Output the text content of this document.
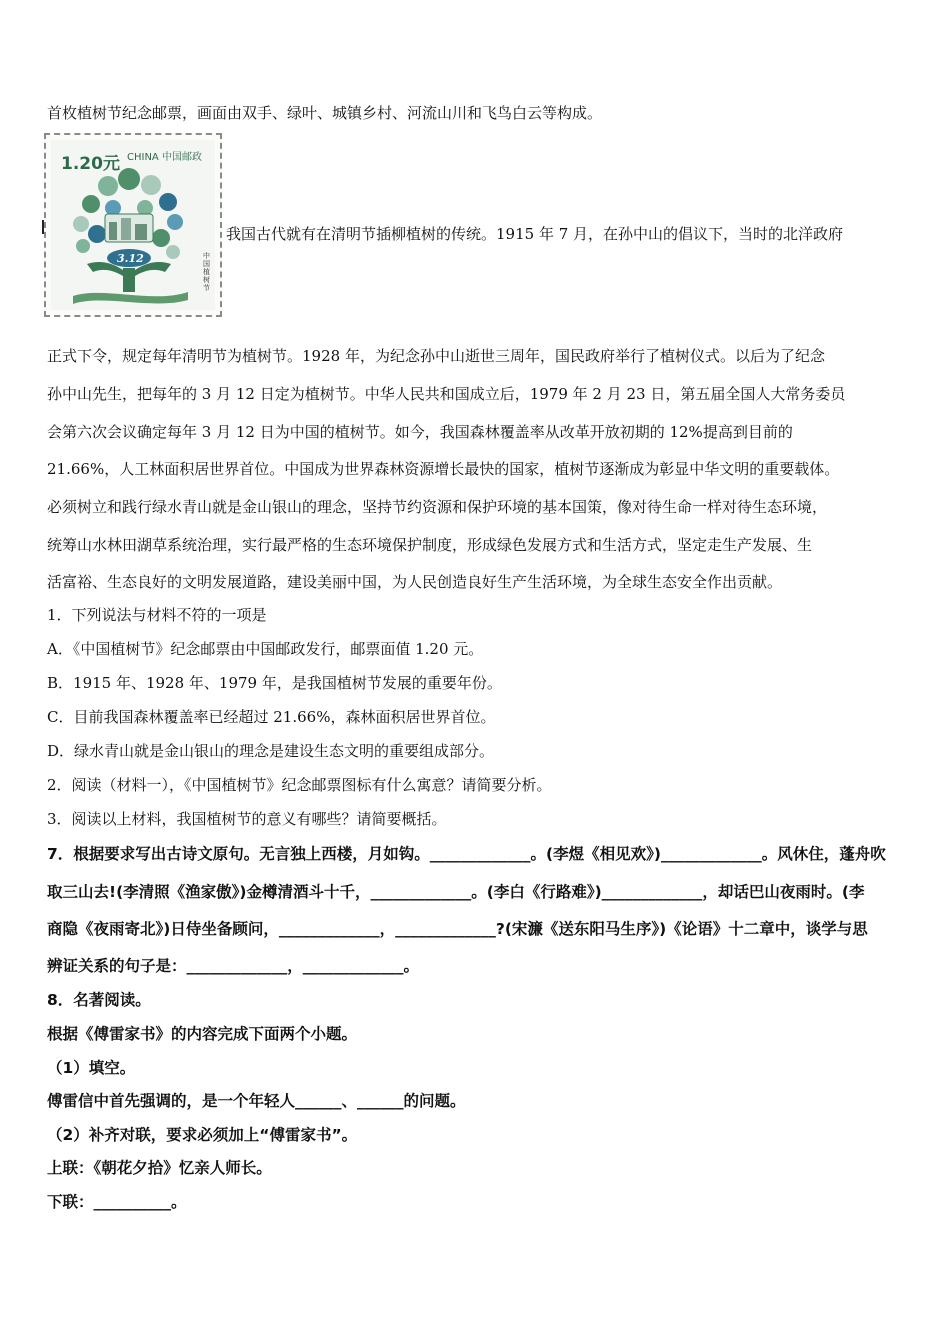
首枚植树节纪念邮票，画面由双手、绿叶、城镇乡村、河流山川和飞鸟白云等构成。
1.20元 CHINA 中国邮政
3.12	中国植树节
我国古代就有在清明节插柳植树的传统。1915 年 7 月，在孙中山的倡议下，当时的北洋政府
正式下令，规定每年清明节为植树节。1928 年，为纪念孙中山逝世三周年，国民政府举行了植树仪式。以后为了纪念
孙中山先生，把每年的 3 月 12 日定为植树节。中华人民共和国成立后，1979 年 2 月 23 日，第五届全国人大常务委员
会第六次会议确定每年 3 月 12 日为中国的植树节。如今，我国森林覆盖率从改革开放初期的 12%提高到目前的
21.66%，人工林面积居世界首位。中国成为世界森林资源增长最快的国家，植树节逐渐成为彰显中华文明的重要载体。
必须树立和践行绿水青山就是金山银山的理念，坚持节约资源和保护环境的基本国策，像对待生命一样对待生态环境，
统筹山水林田湖草系统治理，实行最严格的生态环境保护制度，形成绿色发展方式和生活方式，坚定走生产发展、生
活富裕、生态良好的文明发展道路，建设美丽中国，为人民创造良好生产生活环境，为全球生态安全作出贡献。
1．下列说法与材料不符的一项是
A．《中国植树节》纪念邮票由中国邮政发行，邮票面值 1.20 元。
B．1915 年、1928 年、1979 年，是我国植树节发展的重要年份。
C．目前我国森林覆盖率已经超过 21.66%，森林面积居世界首位。
D．绿水青山就是金山银山的理念是建设生态文明的重要组成部分。
2．阅读（材料一），《中国植树节》纪念邮票图标有什么寓意？请简要分析。
3．阅读以上材料，我国植树节的意义有哪些？请简要概括。
7．根据要求写出古诗文原句。无言独上西楼，月如钩。_____________。(李煜《相见欢》)_____________。风休住，蓬舟吹
取三山去!(李清照《渔家傲》)金樽清酒斗十千，_____________。(李白《行路难》)_____________，却话巴山夜雨时。(李
商隐《夜雨寄北》)日侍坐备顾问，_____________，_____________?(宋濂《送东阳马生序》)《论语》十二章中，谈学与思
辨证关系的句子是：_____________，_____________。
8．名著阅读。
根据《傅雷家书》的内容完成下面两个小题。
（1）填空。
傅雷信中首先强调的，是一个年轻人______、______的问题。
（2）补齐对联，要求必须加上“傅雷家书”。
上联：《朝花夕拾》忆亲人师长。
下联：__________。
